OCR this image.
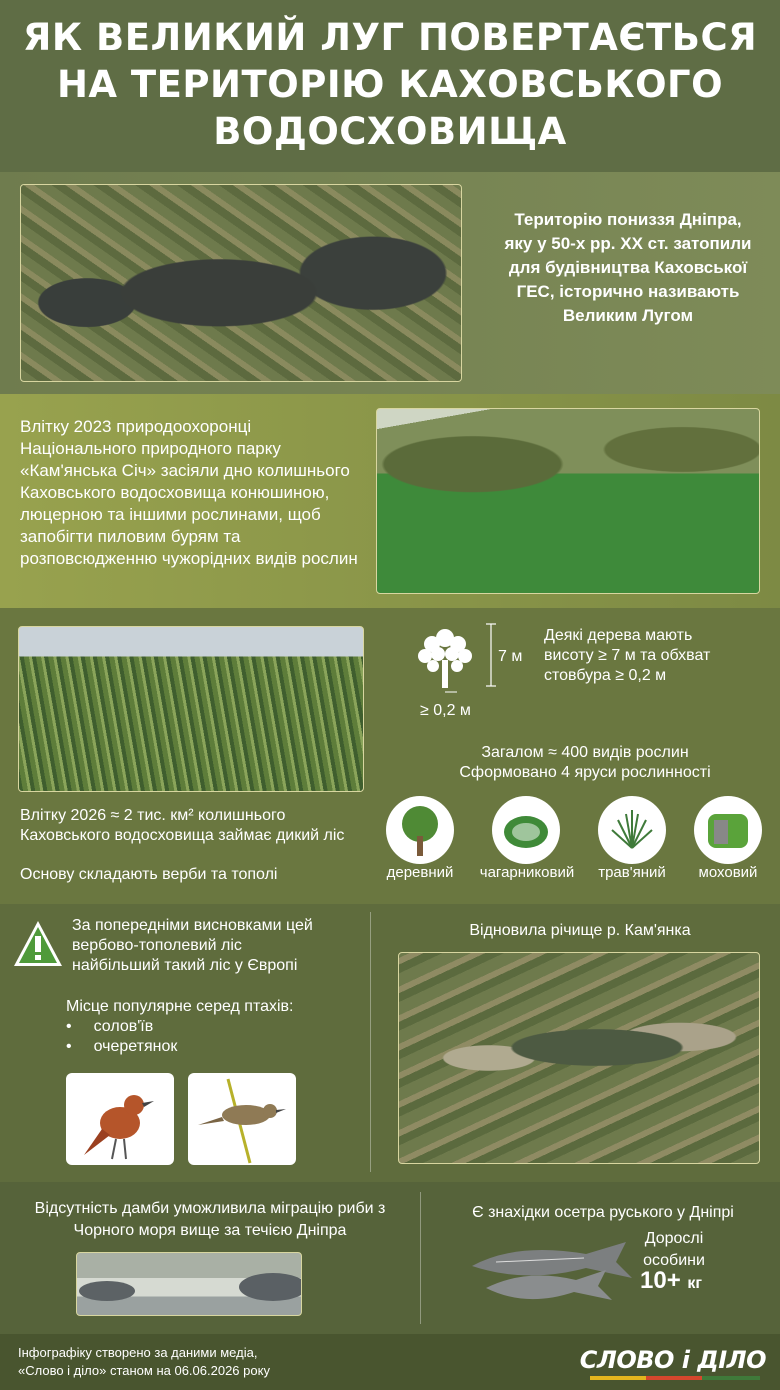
ЯК ВЕЛИКИЙ ЛУГ ПОВЕРТАЄТЬСЯ НА ТЕРИТОРІЮ КАХОВСЬКОГО ВОДОСХОВИЩА
Територію пониззя Дніпра, яку у 50-х рр. ХХ ст. затопили для будівництва Каховської ГЕС, історично називають Великим Лугом
Влітку 2023 природоохоронці Національного природного парку «Кам'янська Січ» засіяли дно колишнього Каховського водосховища конюшиною, люцерною та іншими рослинами, щоб запобігти пиловим бурям та розповсюдженню чужорідних видів рослин
7 м
≥ 0,2 м
Деякі дерева мають висоту ≥ 7 м та обхват стовбура ≥ 0,2 м
Загалом ≈ 400 видів рослин
Сформовано 4 яруси рослинності
Влітку 2026 ≈ 2 тис. км² колишнього Каховського водосховища займає дикий ліс
Основу складають верби та тополі	деревний	чагарниковий	трав'яний	моховий
За попередніми висновками цей вербово-тополевий ліс найбільший такий ліс у Європі
Місце популярне серед птахів:
• солов'їв
• очеретянок
Відновила річище р. Кам'янка
Відсутність дамби уможливила міграцію риби з Чорного моря вище за течією Дніпра
Є знахідки осетра руського у Дніпрі
Дорослі особини
10+ кг
Інфографіку створено за даними медіа, «Слово і діло» станом на 06.06.2026 року	СЛОВО і ДІЛО
